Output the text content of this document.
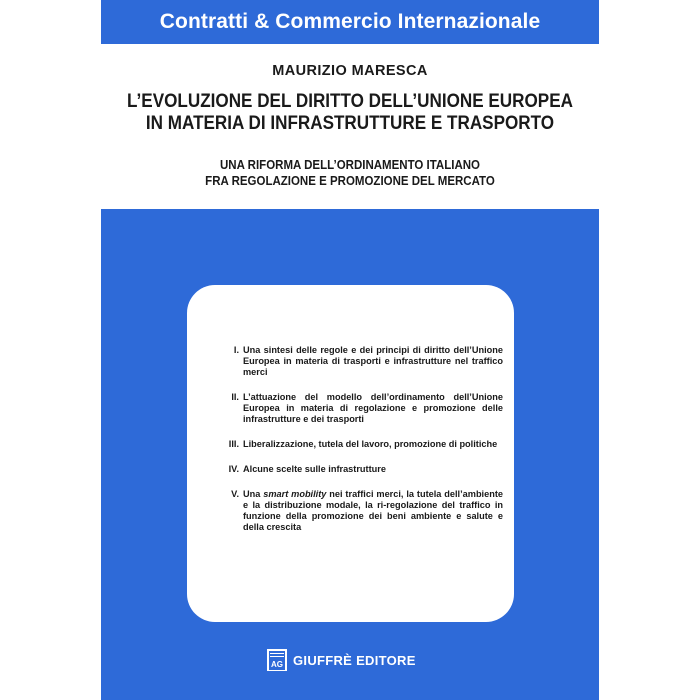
Contratti & Commercio Internazionale
MAURIZIO MARESCA
L’EVOLUZIONE DEL DIRITTO DELL’UNIONE EUROPEA
IN MATERIA DI INFRASTRUTTURE E TRASPORTO
UNA RIFORMA DELL’ORDINAMENTO ITALIANO
FRA REGOLAZIONE E PROMOZIONE DEL MERCATO
I. Una sintesi delle regole e dei principi di diritto dell’Unione Europea in materia di trasporti e infrastrutture nel traffico merci
II. L’attuazione del modello dell’ordinamento dell’Unione Europea in materia di regolazione e promozione delle infrastrutture e dei trasporti
III. Liberalizzazione, tutela del lavoro, promozione di politiche
IV. Alcune scelte sulle infrastrutture
V. Una smart mobility nei traffici merci, la tutela dell’ambiente e la distribuzione modale, la ri-regolazione del traffico in funzione della promozione dei beni ambiente e salute e della crescita
AG GIUFFRÈ EDITORE
